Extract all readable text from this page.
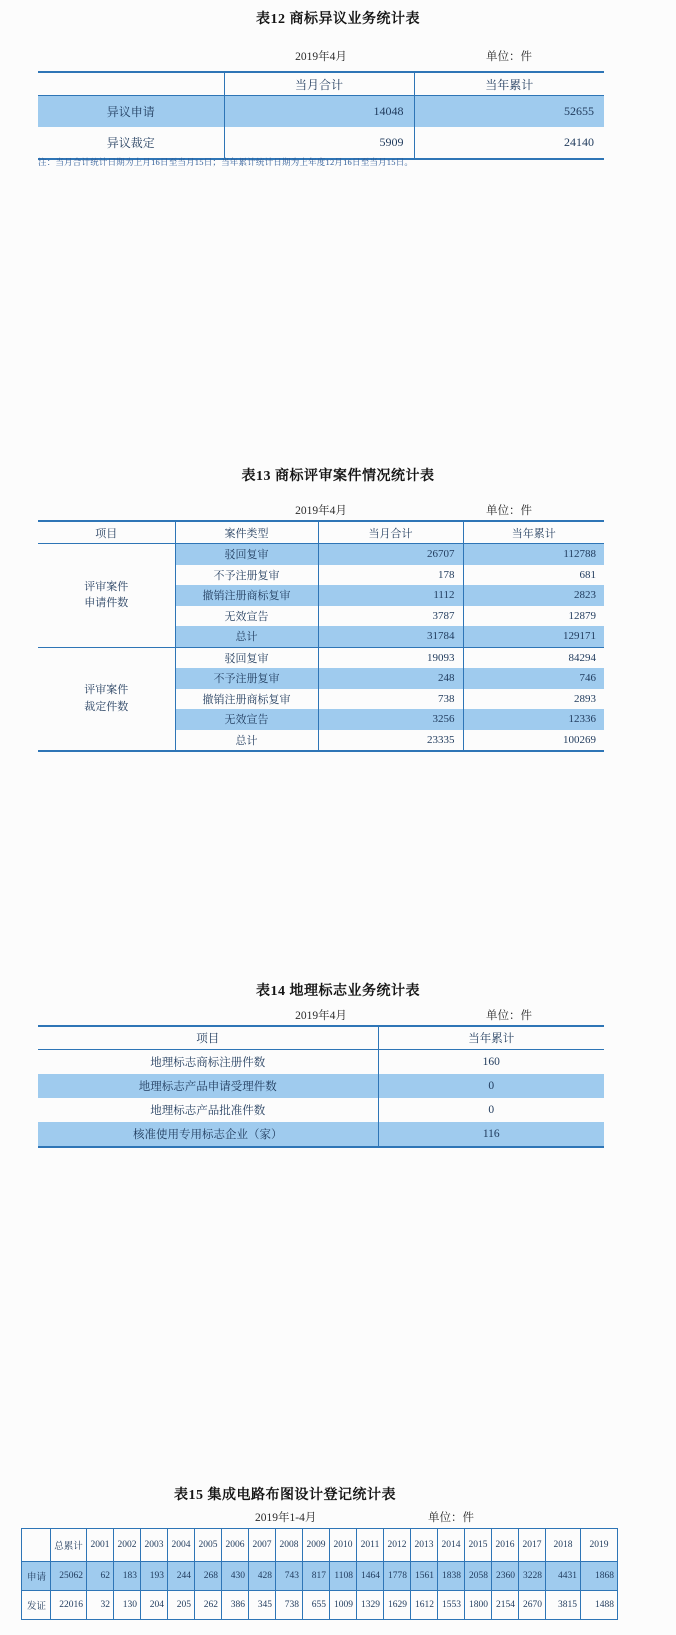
表12 商标异议业务统计表
2019年4月	单位：件
	当月合计	当年累计
异议申请	14048	52655
异议裁定	5909	24140
注：当月合计统计日期为上月16日至当月15日；当年累计统计日期为上年度12月16日至当月15日。
表13 商标评审案件情况统计表
2019年4月	单位：件
项目	案件类型	当月合计	当年累计

评审案件
申请件数	驳回复审	26707	112788
	不予注册复审	178	681
	撤销注册商标复审	1112	2823
	无效宣告	3787	12879
	总计	31784	129171

评审案件
裁定件数	驳回复审	19093	84294
	不予注册复审	248	746
	撤销注册商标复审	738	2893
	无效宣告	3256	12336
	总计	23335	100269
表14 地理标志业务统计表
2019年4月	单位：件
项目	当年累计
地理标志商标注册件数	160
地理标志产品申请受理件数	0
地理标志产品批准件数	0
核准使用专用标志企业（家）	116
表15 集成电路布图设计登记统计表
2019年1-4月	单位：件
	总累计	2001	2002	2003	2004	2005	2006	2007	2008	2009	2010	2011	2012	2013	2014	2015	2016	2017	2018	2019
申请	25062	62	183	193	244	268	430	428	743	817	1108	1464	1778	1561	1838	2058	2360	3228	4431	1868
发证	22016	32	130	204	205	262	386	345	738	655	1009	1329	1629	1612	1553	1800	2154	2670	3815	1488
